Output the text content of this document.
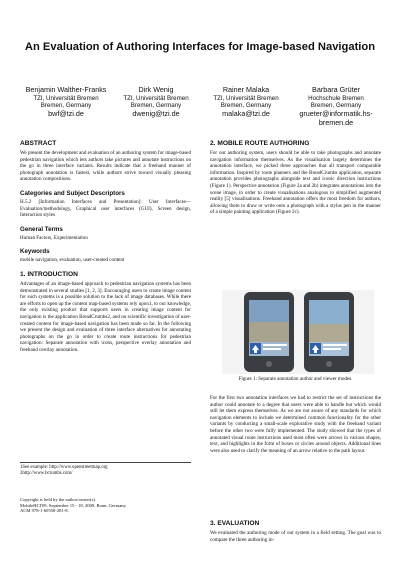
An Evaluation of Authoring Interfaces for Image-based Navigation
Benjamin Walther-Franks
TZI, Universität Bremen
Bremen, Germany
bwf@tzi.de
Dirk Wenig
TZI, Universität Bremen
Bremen, Germany
dwenig@tzi.de
Rainer Malaka
TZI, Universität Bremen
Bremen, Germany
malaka@tzi.de
Barbara Grüter
Hochschule Bremen
Bremen, Germany
grueter@informatik.hs-bremen.de
ABSTRACT

We present the development and evaluation of an authoring system for image-based pedestrian navigation which lets authors take pictures and annotate instructions on the go in three interface variants. Results indicate that a freehand manner of photograph annotation is fastest, while authors strive toward visually pleasing annotation compositions.

Categories and Subject Descriptors

H.5.2 [Information Interfaces and Presentation]: User Interfaces—Evaluation/methodology, Graphical user interfaces (GUI), Screen design, Interaction styles

General Terms

Human Factors, Experimentation

Keywords

mobile navigation, evaluation, user-created content

1. INTRODUCTION

Advantages of an image-based approach to pedestrian navigation systems has been demonstrated in several studies [1, 2, 3]. Encouraging users to create image content for such systems is a possible solution to the lack of image databases. While there are efforts to open up the content map-based systems rely upon1, to our knowledge, the only existing product that supports users in creating image content for navigation is the application BreadCrumbs2, and no scientific investigation of user-created content for image-based navigation has been made so far. In the following we present the design and evaluation of three interface alternatives for annotating photographs on the go in order to create route instructions for pedestrian navigation: Separate annotation with icons, perspective overlay annotation and freehand overlay annotation.

1See example: http://www.openstreetmap.org
2http://www.bcrumbs.com/
Copyright is held by the author/owner(s).
MobileHCI'09, September 15 - 18, 2009, Bonn, Germany.
ACM 978-1-60558-281-8.
2. MOBILE ROUTE AUTHORING

For our authoring system, users should be able to take photographs and annotate navigation information themselves. As the visualisation largely determines the annotation interface, we picked three approaches that all transport comparable information. Inspired by route planners and the BreadCrumbs application, separate annotation provides photographs alongside text and iconic direction instructions (Figure 1). Perspective annotation (Figure 2a and 2b) integrates annotations into the scene image, in order to create visualisations analogous to simplified augmented reality [5] visualisations. Freehand annotation offers the most freedom for authors, allowing them to draw or write onto a photograph with a stylus pen in the manner of a simple painting application (Figure 2c).

Figure 1: Separate annotation author and viewer modes.
For the first two annotation interfaces we had to restrict the set of instructions the author could annotate to a degree that users were able to handle but which would still let them express themselves. As we are not aware of any standards for which navigation elements to include we determined common functionality for the other variants by conducting a small-scale explorative study with the freehand variant before the other two were fully implemented. The study showed that the types of annotated visual route instructions used most often were arrows in various shapes, text, and highlights in the form of boxes or circles around objects. Additional lines were also used to clarify the meaning of an arrow relative to the path layout.
3. EVALUATION

We evaluated the authoring mode of our system in a field setting. The goal was to compare the three authoring in-
